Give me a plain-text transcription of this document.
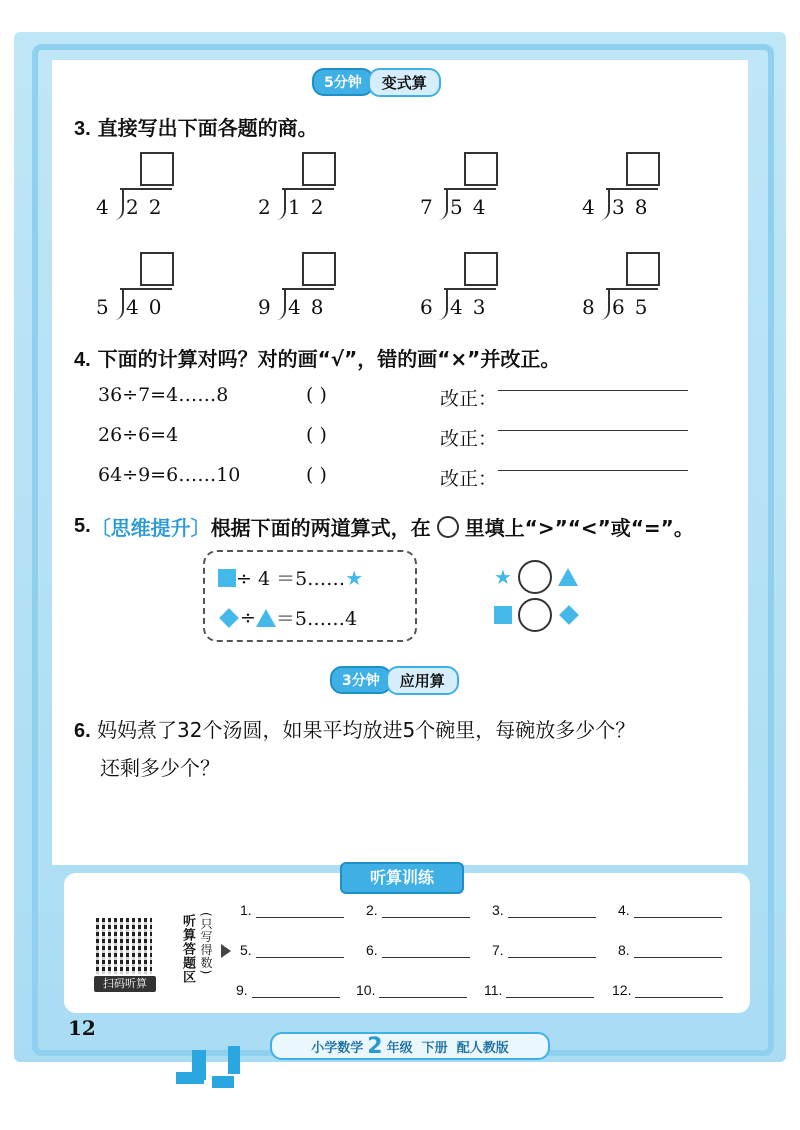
5分钟	变式算
3. 直接写出下面各题的商。
4 22	2 12	7 54	4 38
5 40	9 48	6 43	8 65
4. 下面的计算对吗？对的画“√”，错的画“×”并改正。
36÷7=4……8	( )	改正：
26÷6=4	( )	改正：
64÷9=6……10	( )	改正：
5. 〔思维提升〕 根据下面的两道算式，在 里填上“>”“<”或“=”。
÷ 4 ＝5…… ★
÷ ＝5……4
★
3分钟	应用算
6. 妈妈煮了32个汤圆，如果平均放进5个碗里，每碗放多少个？
还剩多少个？
听算训练
扫码听算	听算答题区 (只写得数)
1.	2.	3.	4.
5.	6.	7.	8.
9.	10.	11.	12.
12
小学数学 2 年级
下册
配人教版
